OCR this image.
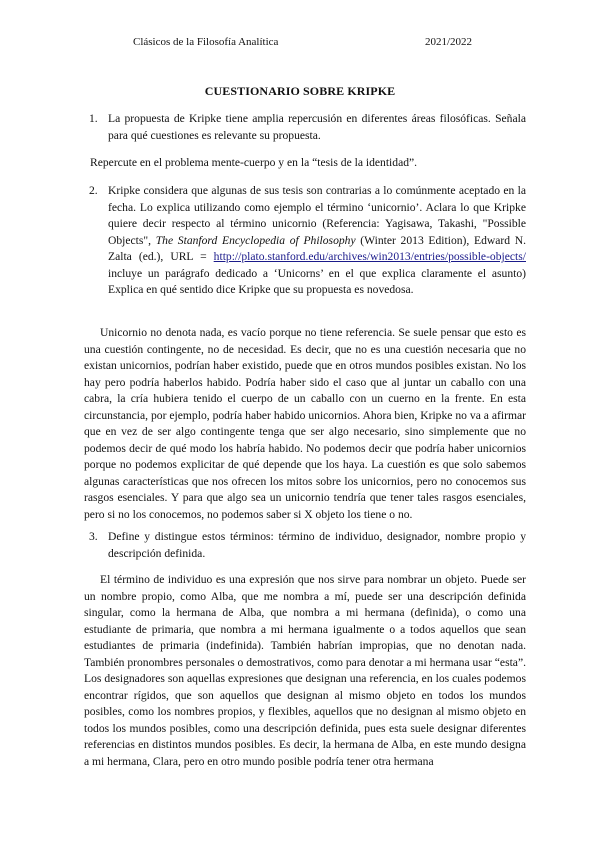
Clásicos de la Filosofía Analítica	2021/2022
CUESTIONARIO SOBRE KRIPKE
1. La propuesta de Kripke tiene amplia repercusión en diferentes áreas filosóficas. Señala para qué cuestiones es relevante su propuesta.
Repercute en el problema mente-cuerpo y en la “tesis de la identidad”.
2. Kripke considera que algunas de sus tesis son contrarias a lo comúnmente aceptado en la fecha. Lo explica utilizando como ejemplo el término ‘unicornio’. Aclara lo que Kripke quiere decir respecto al término unicornio (Referencia: Yagisawa, Takashi, "Possible Objects", The Stanford Encyclopedia of Philosophy (Winter 2013 Edition), Edward N. Zalta (ed.), URL = http://plato.stanford.edu/archives/win2013/entries/possible-objects/ incluye un parágrafo dedicado a ‘Unicorns’ en el que explica claramente el asunto) Explica en qué sentido dice Kripke que su propuesta es novedosa.
Unicornio no denota nada, es vacío porque no tiene referencia. Se suele pensar que esto es una cuestión contingente, no de necesidad. Es decir, que no es una cuestión necesaria que no existan unicornios, podrían haber existido, puede que en otros mundos posibles existan. No los hay pero podría haberlos habido. Podría haber sido el caso que al juntar un caballo con una cabra, la cría hubiera tenido el cuerpo de un caballo con un cuerno en la frente. En esta circunstancia, por ejemplo, podría haber habido unicornios. Ahora bien, Kripke no va a afirmar que en vez de ser algo contingente tenga que ser algo necesario, sino simplemente que no podemos decir de qué modo los habría habido. No podemos decir que podría haber unicornios porque no podemos explicitar de qué depende que los haya. La cuestión es que solo sabemos algunas características que nos ofrecen los mitos sobre los unicornios, pero no conocemos sus rasgos esenciales. Y para que algo sea un unicornio tendría que tener tales rasgos esenciales, pero si no los conocemos, no podemos saber si X objeto los tiene o no.
3. Define y distingue estos términos: término de individuo, designador, nombre propio y descripción definida.
El término de individuo es una expresión que nos sirve para nombrar un objeto. Puede ser un nombre propio, como Alba, que me nombra a mí, puede ser una descripción definida singular, como la hermana de Alba, que nombra a mi hermana (definida), o como una estudiante de primaria, que nombra a mi hermana igualmente o a todos aquellos que sean estudiantes de primaria (indefinida). También habrían impropias, que no denotan nada. También pronombres personales o demostrativos, como para denotar a mi hermana usar “esta”. Los designadores son aquellas expresiones que designan una referencia, en los cuales podemos encontrar rígidos, que son aquellos que designan al mismo objeto en todos los mundos posibles, como los nombres propios, y flexibles, aquellos que no designan al mismo objeto en todos los mundos posibles, como una descripción definida, pues esta suele designar diferentes referencias en distintos mundos posibles. Es decir, la hermana de Alba, en este mundo designa a mi hermana, Clara, pero en otro mundo posible podría tener otra hermana
